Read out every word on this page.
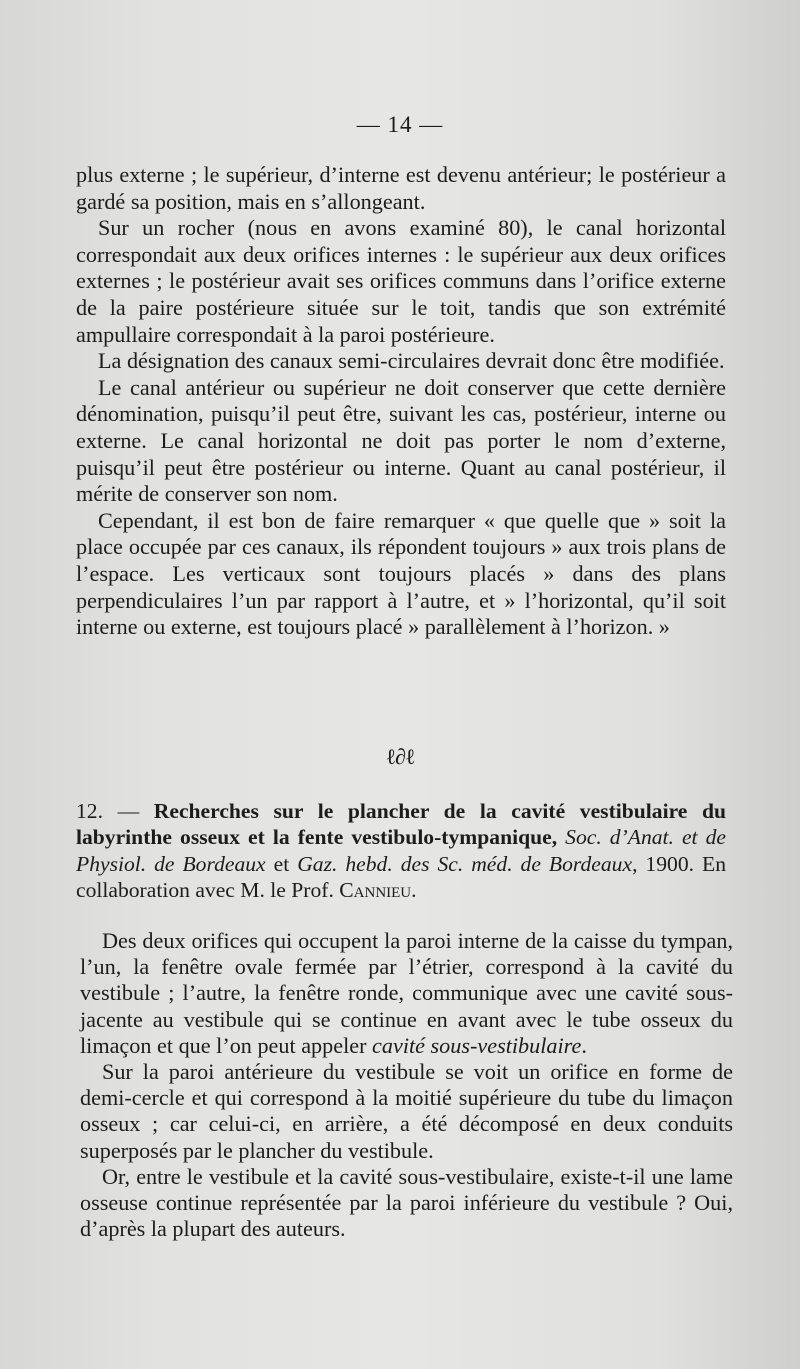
— 14 —

plus externe ; le supérieur, d’interne est devenu antérieur; le postérieur a gardé sa position, mais en s’allongeant.

Sur un rocher (nous en avons examiné 80), le canal horizontal correspondait aux deux orifices internes : le supérieur aux deux orifices externes ; le postérieur avait ses orifices communs dans l’orifice externe de la paire postérieure située sur le toit, tandis que son extrémité ampullaire correspondait à la paroi postérieure.

La désignation des canaux semi-circulaires devrait donc être modifiée.

Le canal antérieur ou supérieur ne doit conserver que cette dernière dénomination, puisqu’il peut être, suivant les cas, postérieur, interne ou externe. Le canal horizontal ne doit pas porter le nom d’externe, puisqu’il peut être postérieur ou interne. Quant au canal postérieur, il mérite de conserver son nom.

Cependant, il est bon de faire remarquer « que quelle que » soit la place occupée par ces canaux, ils répondent toujours » aux trois plans de l’espace. Les verticaux sont toujours placés » dans des plans perpendiculaires l’un par rapport à l’autre, et » l’horizontal, qu’il soit interne ou externe, est toujours placé » parallèlement à l’horizon. »

ℓ∂ℓ
12. — Recherches sur le plancher de la cavité vestibulaire du labyrinthe osseux et la fente vestibulo-tympanique, Soc. d’Anat. et de Physiol. de Bordeaux et Gaz. hebd. des Sc. méd. de Bordeaux, 1900. En collaboration avec M. le Prof. Cannieu.

Des deux orifices qui occupent la paroi interne de la caisse du tympan, l’un, la fenêtre ovale fermée par l’étrier, correspond à la cavité du vestibule ; l’autre, la fenêtre ronde, communique avec une cavité sous-jacente au vestibule qui se continue en avant avec le tube osseux du limaçon et que l’on peut appeler cavité sous-vestibulaire.

Sur la paroi antérieure du vestibule se voit un orifice en forme de demi-cercle et qui correspond à la moitié supérieure du tube du limaçon osseux ; car celui-ci, en arrière, a été décomposé en deux conduits superposés par le plancher du vestibule.

Or, entre le vestibule et la cavité sous-vestibulaire, existe-t-il une lame osseuse continue représentée par la paroi inférieure du vestibule ? Oui, d’après la plupart des auteurs.
